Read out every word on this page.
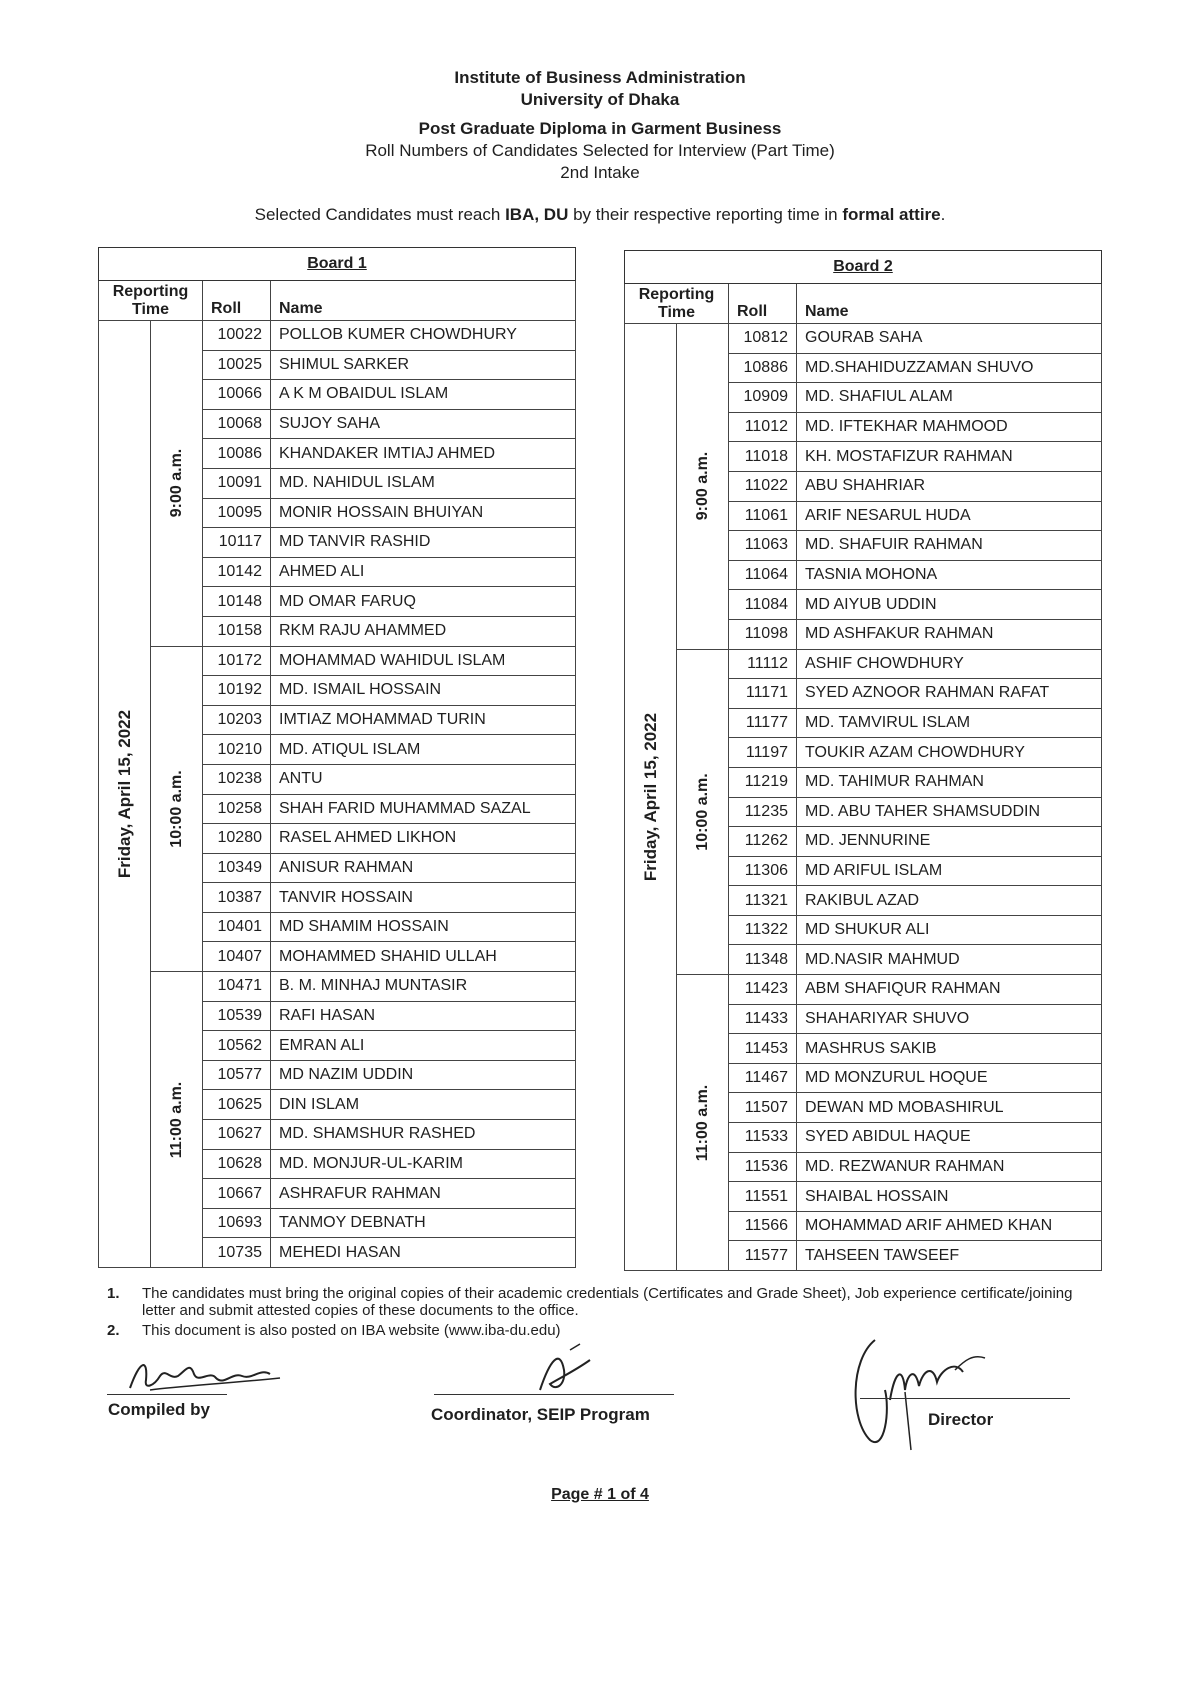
Institute of Business Administration
University of Dhaka
Post Graduate Diploma in Garment Business
Roll Numbers of Candidates Selected for Interview (Part Time)
2nd Intake
Selected Candidates must reach IBA, DU by their respective reporting time in formal attire.
Board 1			
Reporting Time		Roll	Name

Friday, April 15, 2022	9:00 a.m.	10022	POLLOB KUMER CHOWDHURY
		10025	SHIMUL SARKER
		10066	A K M OBAIDUL ISLAM
		10068	SUJOY SAHA
		10086	KHANDAKER IMTIAJ AHMED
		10091	MD. NAHIDUL ISLAM
		10095	MONIR HOSSAIN BHUIYAN
		10117	MD TANVIR RASHID
		10142	AHMED ALI
		10148	MD OMAR FARUQ
		10158	RKM RAJU AHAMMED

	10:00 a.m.	10172	MOHAMMAD WAHIDUL ISLAM
		10192	MD. ISMAIL HOSSAIN
		10203	IMTIAZ MOHAMMAD TURIN
		10210	MD. ATIQUL ISLAM
		10238	ANTU
		10258	SHAH FARID MUHAMMAD SAZAL
		10280	RASEL AHMED LIKHON
		10349	ANISUR RAHMAN
		10387	TANVIR HOSSAIN
		10401	MD SHAMIM HOSSAIN
		10407	MOHAMMED SHAHID ULLAH

	11:00 a.m.	10471	B. M. MINHAJ MUNTASIR
		10539	RAFI HASAN
		10562	EMRAN ALI
		10577	MD NAZIM UDDIN
		10625	DIN ISLAM
		10627	MD. SHAMSHUR RASHED
		10628	MD. MONJUR-UL-KARIM
		10667	ASHRAFUR RAHMAN
		10693	TANMOY DEBNATH
		10735	MEHEDI HASAN
Board 2			
Reporting Time		Roll	Name

Friday, April 15, 2022	9:00 a.m.	10812	GOURAB SAHA
		10886	MD.SHAHIDUZZAMAN SHUVO
		10909	MD. SHAFIUL ALAM
		11012	MD. IFTEKHAR MAHMOOD
		11018	KH. MOSTAFIZUR RAHMAN
		11022	ABU SHAHRIAR
		11061	ARIF NESARUL HUDA
		11063	MD. SHAFUIR RAHMAN
		11064	TASNIA MOHONA
		11084	MD AIYUB UDDIN
		11098	MD ASHFAKUR RAHMAN

	10:00 a.m.	11112	ASHIF CHOWDHURY
		11171	SYED AZNOOR RAHMAN RAFAT
		11177	MD. TAMVIRUL ISLAM
		11197	TOUKIR AZAM CHOWDHURY
		11219	MD. TAHIMUR RAHMAN
		11235	MD. ABU TAHER SHAMSUDDIN
		11262	MD. JENNURINE
		11306	MD ARIFUL ISLAM
		11321	RAKIBUL AZAD
		11322	MD SHUKUR ALI
		11348	MD.NASIR MAHMUD

	11:00 a.m.	11423	ABM SHAFIQUR RAHMAN
		11433	SHAHARIYAR SHUVO
		11453	MASHRUS SAKIB
		11467	MD MONZURUL HOQUE
		11507	DEWAN MD MOBASHIRUL
		11533	SYED ABIDUL HAQUE
		11536	MD. REZWANUR RAHMAN
		11551	SHAIBAL HOSSAIN
		11566	MOHAMMAD ARIF AHMED KHAN
		11577	TAHSEEN TAWSEEF
1. The candidates must bring the original copies of their academic credentials (Certificates and Grade Sheet), Job experience certificate/joining letter and submit attested copies of these documents to the office.
2. This document is also posted on IBA website (www.iba-du.edu)
Compiled by	Coordinator, SEIP Program	Director
Page # 1 of 4
